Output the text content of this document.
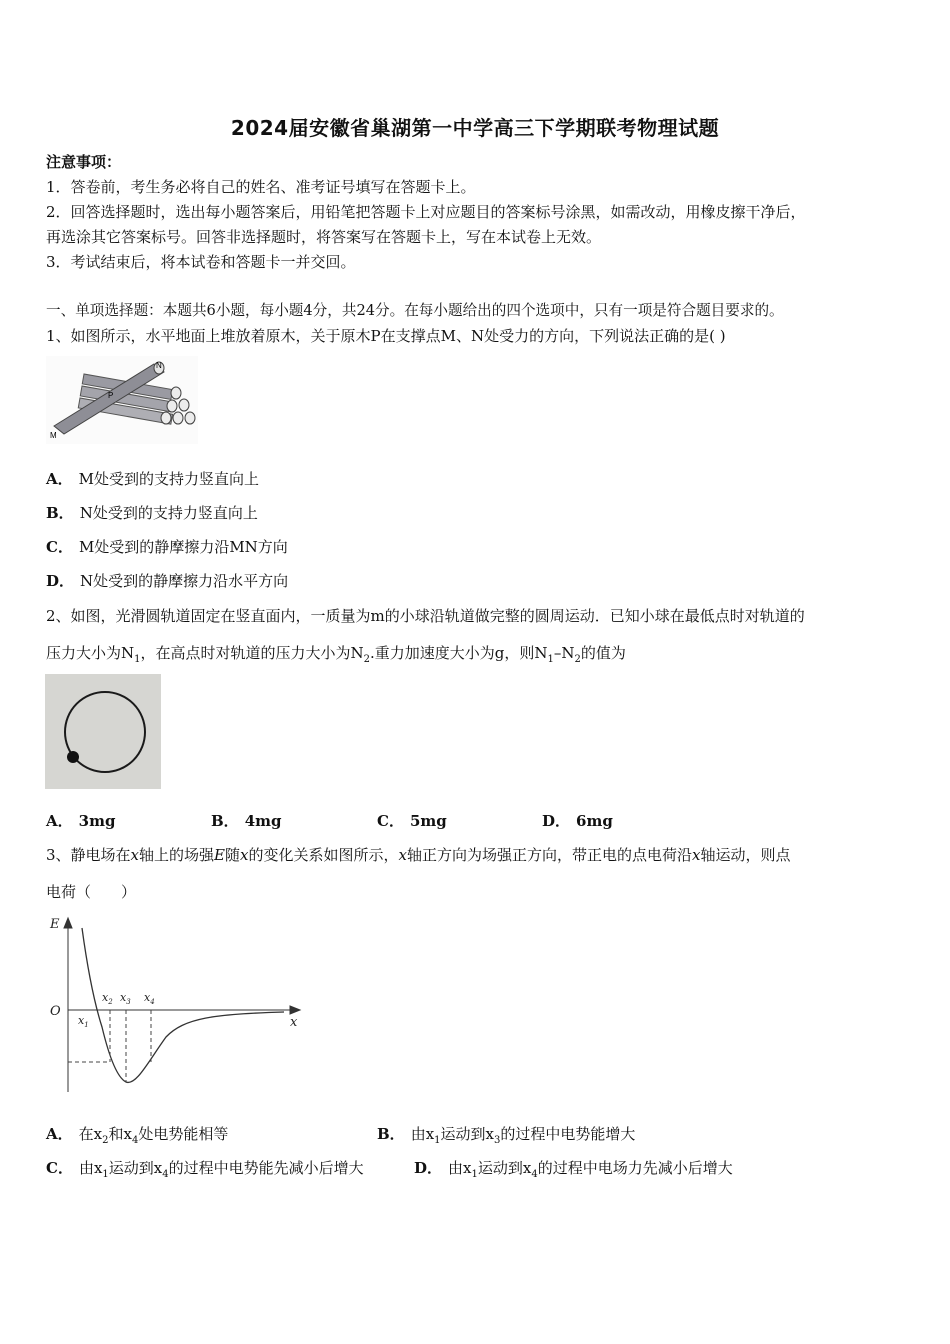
2024届安徽省巢湖第一中学高三下学期联考物理试题
注意事项：
1．答卷前，考生务必将自己的姓名、准考证号填写在答题卡上。
2．回答选择题时，选出每小题答案后，用铅笔把答题卡上对应题目的答案标号涂黑，如需改动，用橡皮擦干净后，
再选涂其它答案标号。回答非选择题时，将答案写在答题卡上，写在本试卷上无效。
3．考试结束后，将本试卷和答题卡一并交回。
一、单项选择题：本题共6小题，每小题4分，共24分。在每小题给出的四个选项中，只有一项是符合题目要求的。
1、如图所示，水平地面上堆放着原木，关于原木P在支撑点M、N处受力的方向，下列说法正确的是( )
N
P
M
A． M处受到的支持力竖直向上
B． N处受到的支持力竖直向上
C． M处受到的静摩擦力沿MN方向
D． N处受到的静摩擦力沿水平方向
2、如图，光滑圆轨道固定在竖直面内，一质量为m的小球沿轨道做完整的圆周运动．已知小球在最低点时对轨道的
压力大小为$N_1$，在高点时对轨道的压力大小为$N_2$.重力加速度大小为g，则$N_1-N_2$的值为
A． 3mg	B． 4mg	C． 5mg	D． 6mg
3、静电场在x轴上的场强E随x的变化关系如图所示，x轴正方向为场强正方向，带正电的点电荷沿x轴运动，则点
电荷（　　）
E
O
x
$x_1$
$x_2$ $x_3$ $x_4$
A． 在$x_2$和$x_4$处电势能相等	B． 由$x_1$运动到$x_3$的过程中电势能增大
C． 由$x_1$运动到$x_4$的过程中电势能先减小后增大	D． 由$x_1$运动到$x_4$的过程中电场力先减小后增大
